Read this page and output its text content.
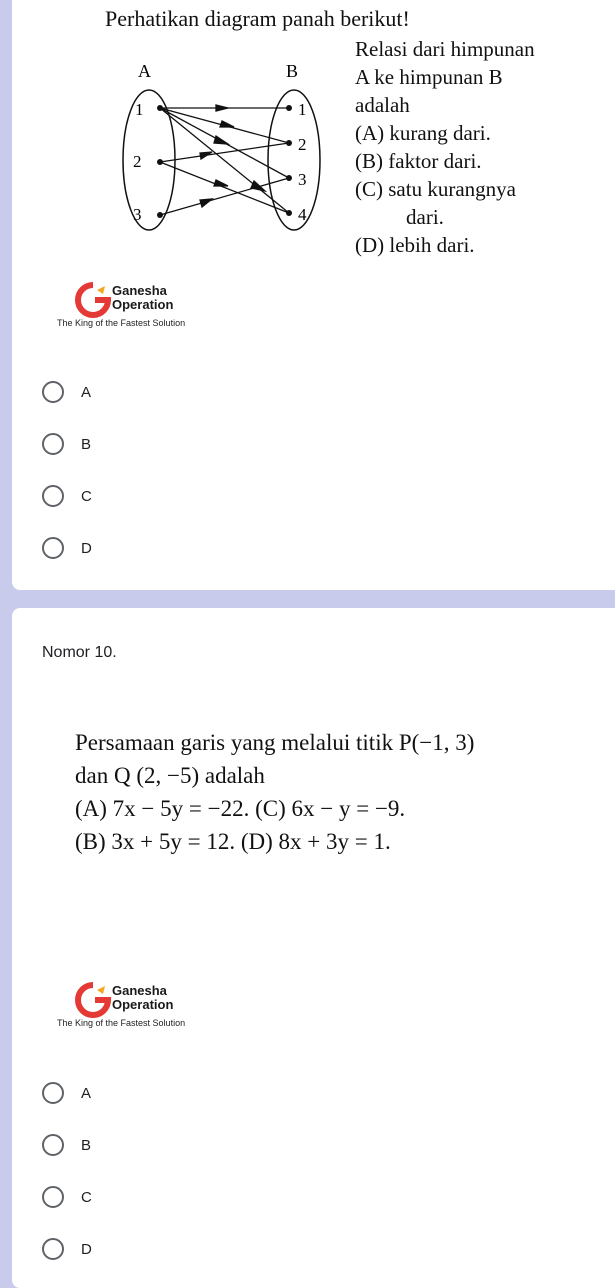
Perhatikan diagram panah berikut!
A	B
1
2
3
1
2
3
4
Relasi dari himpunan
A ke himpunan B
adalah
(A) kurang dari.
(B) faktor dari.
(C) satu kurangnya
dari.
(D) lebih dari.
Ganesha
Operation
The King of the Fastest Solution
A
B
C
D
Nomor 10.
Persamaan garis yang melalui titik P(−1, 3)
dan Q (2, −5) adalah
(A) 7x − 5y = −22. (C) 6x − y = −9.
(B) 3x + 5y = 12. (D) 8x + 3y = 1.
Ganesha
Operation
The King of the Fastest Solution
A
B
C
D
